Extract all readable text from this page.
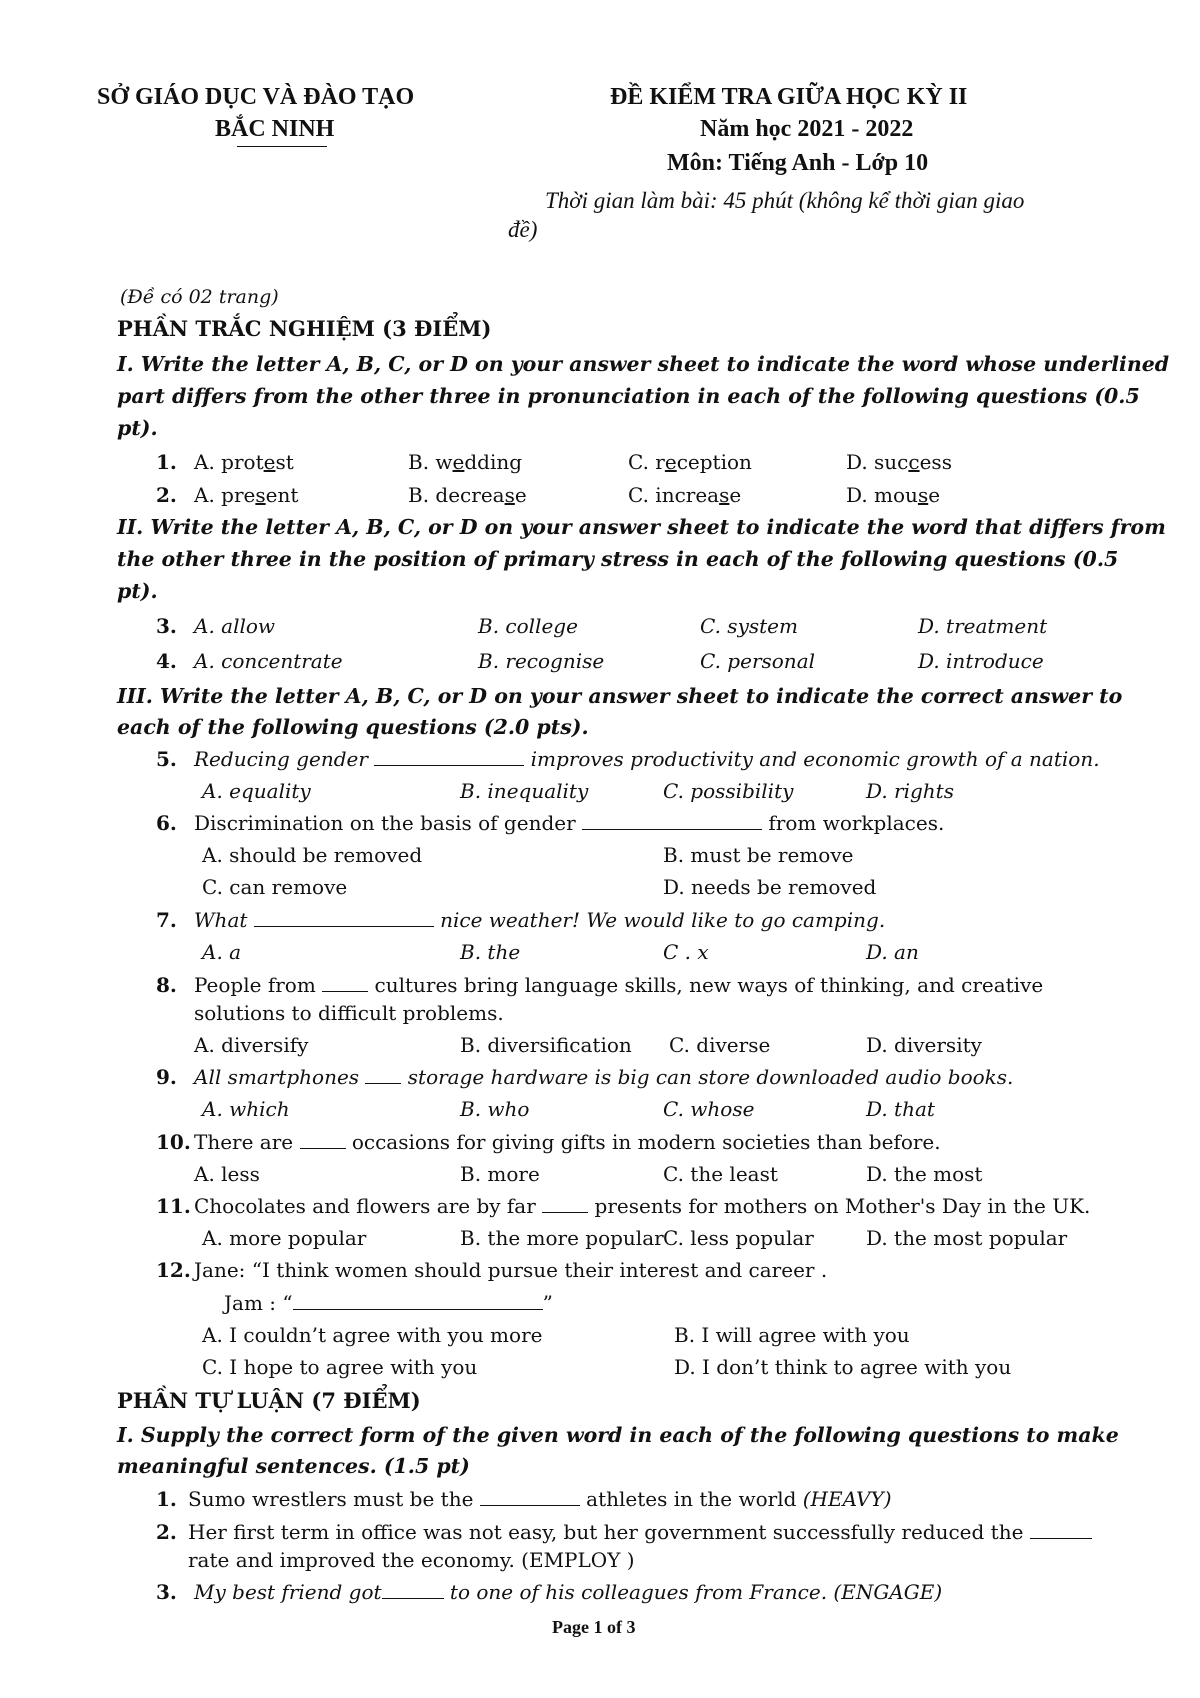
SỞ GIÁO DỤC VÀ ĐÀO TẠO
BẮC NINH
ĐỀ KIỂM TRA GIỮA HỌC KỲ II
Năm học 2021 - 2022
Môn: Tiếng Anh - Lớp 10
Thời gian làm bài: 45 phút (không kể thời gian giao
đề)
(Đề có 02 trang)
PHẦN TRẮC NGHIỆM (3 ĐIỂM)
I. Write the letter A, B, C, or D on your answer sheet to indicate the word whose underlined
part differs from the other three in pronunciation in each of the following questions (0.5
pt).
1. A. protest	B. wedding	C. reception	D. success
2. A. present	B. decrease	C. increase	D. mouse
II. Write the letter A, B, C, or D on your answer sheet to indicate the word that differs from
the other three in the position of primary stress in each of the following questions (0.5
pt).
3. A. allow	B. college	C. system	D. treatment
4. A. concentrate	B. recognise	C. personal	D. introduce
III. Write the letter A, B, C, or D on your answer sheet to indicate the correct answer to
each of the following questions (2.0 pts).
5. Reducing gender	improves productivity and economic growth of a nation.
A. equality	B. inequality	C. possibility	D. rights
6. Discrimination on the basis of gender	from workplaces.
A. should be removed	B. must be remove
C. can remove	D. needs be removed
7. What	nice weather! We would like to go camping.
A. a	B. the	C . x	D. an
8. People from  cultures bring language skills, new ways of thinking, and creative
solutions to difficult problems.
A. diversify	B. diversification C. diverse	D. diversity
9. All smartphones  storage hardware is big can store downloaded audio books.
A. which	B. who	C. whose	D. that
10. There are  occasions for giving gifts in modern societies than before.
A. less	B. more	C. the least	D. the most
11. Chocolates and flowers are by far  presents for mothers on Mother's Day in the UK.
A. more popular	B. the more popular C. less popular	D. the most popular
12. Jane: “I think women should pursue their interest and career .
Jam : “	”
A. I couldn’t agree with you more	B. I will agree with you
C. I hope to agree with you	D. I don’t think to agree with you
PHẦN TỰ LUẬN (7 ĐIỂM)
I. Supply the correct form of the given word in each of the following questions to make
meaningful sentences. (1.5 pt)
1. Sumo wrestlers must be the	athletes in the world (HEAVY)
2. Her first term in office was not easy, but her government successfully reduced the
rate and improved the economy. (EMPLOY )
3. My best friend got	to one of his colleagues from France. (ENGAGE)
Page 1 of 3
